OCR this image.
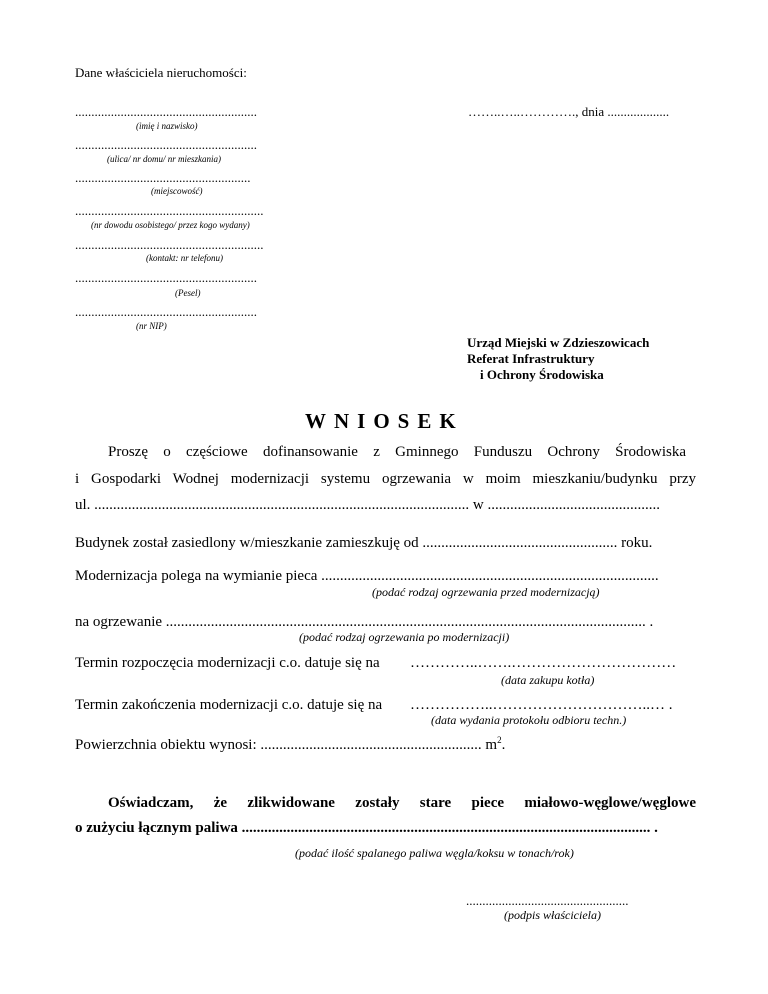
Dane właściciela nieruchomości:
........................................................
(imię i nazwisko)
........................................................
(ulica/ nr domu/ nr mieszkania)
......................................................
(miejscowość)
..........................................................
(nr dowodu osobistego/ przez kogo wydany)
..........................................................
(kontakt: nr telefonu)
........................................................
(Pesel)
........................................................
(nr NIP)
……..…..…………., dnia ...................
Urząd Miejski w Zdzieszowicach
Referat Infrastruktury
i Ochrony Środowiska
WNIOSEK
Proszę o częściowe dofinansowanie z Gminnego Funduszu Ochrony Środowiska
i Gospodarki Wodnej modernizacji systemu ogrzewania w moim mieszkaniu/budynku przy
ul. .................................................................................................... w ..............................................
Budynek został zasiedlony w/mieszkanie zamieszkuję od .................................................... roku.
Modernizacja polega na wymianie pieca ..........................................................................................
(podać rodzaj ogrzewania przed modernizacją)
na ogrzewanie ................................................................................................................................ .
(podać rodzaj ogrzewania po modernizacji)
Termin rozpoczęcia modernizacji c.o. datuje się na …………..…….……………………………
(data zakupu kotła)
Termin zakończenia modernizacji c.o. datuje się na ……………..…………………………..… .
(data wydania protokołu odbioru techn.)
Powierzchnia obiektu wynosi: ........................................................... $m^2$.
Oświadczam, że zlikwidowane zostały stare piece miałowo-węglowe/węglowe
o zużyciu łącznym paliwa ............................................................................................................. .
(podać ilość spalanego paliwa węgla/koksu w tonach/rok)
..................................................
(podpis właściciela)
